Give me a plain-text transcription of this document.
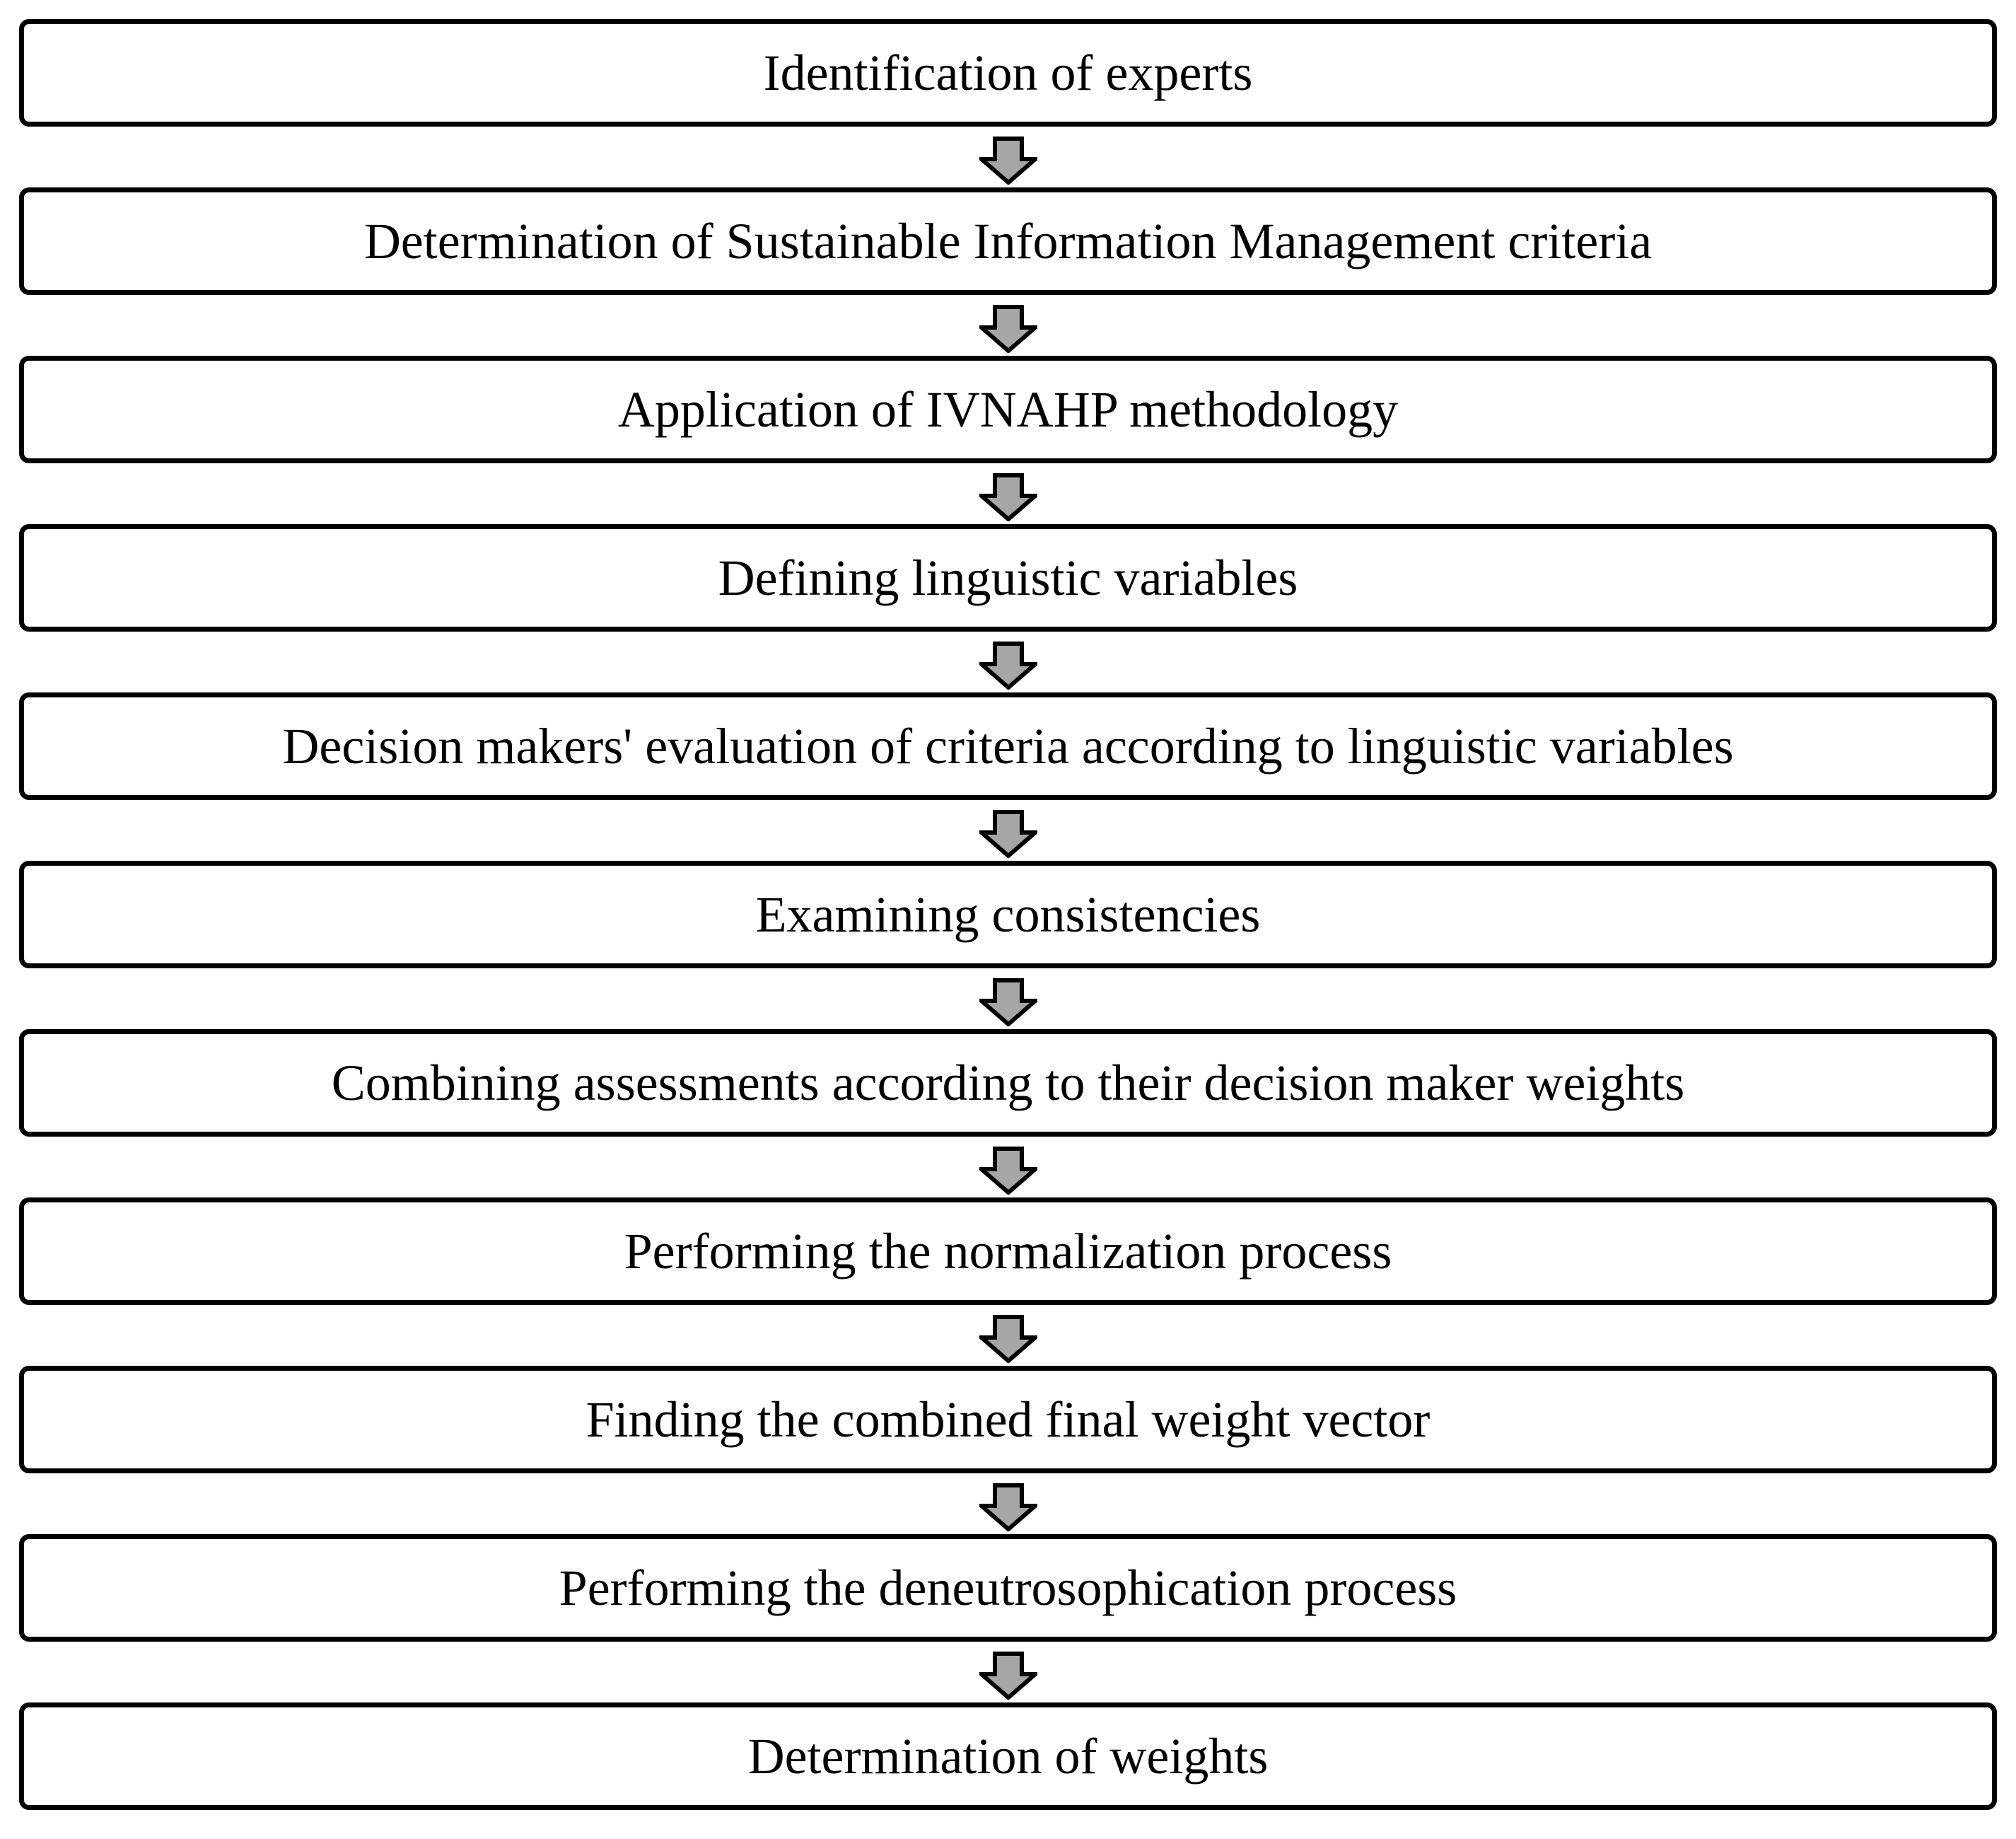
Identification of experts
Determination of Sustainable Information Management criteria
Application of IVNAHP methodology
Defining linguistic variables
Decision makers' evaluation of criteria according to linguistic variables
Examining consistencies
Combining assessments according to their decision maker weights
Performing the normalization process
Finding the combined final weight vector
Performing the deneutrosophication process
Determination of weights
